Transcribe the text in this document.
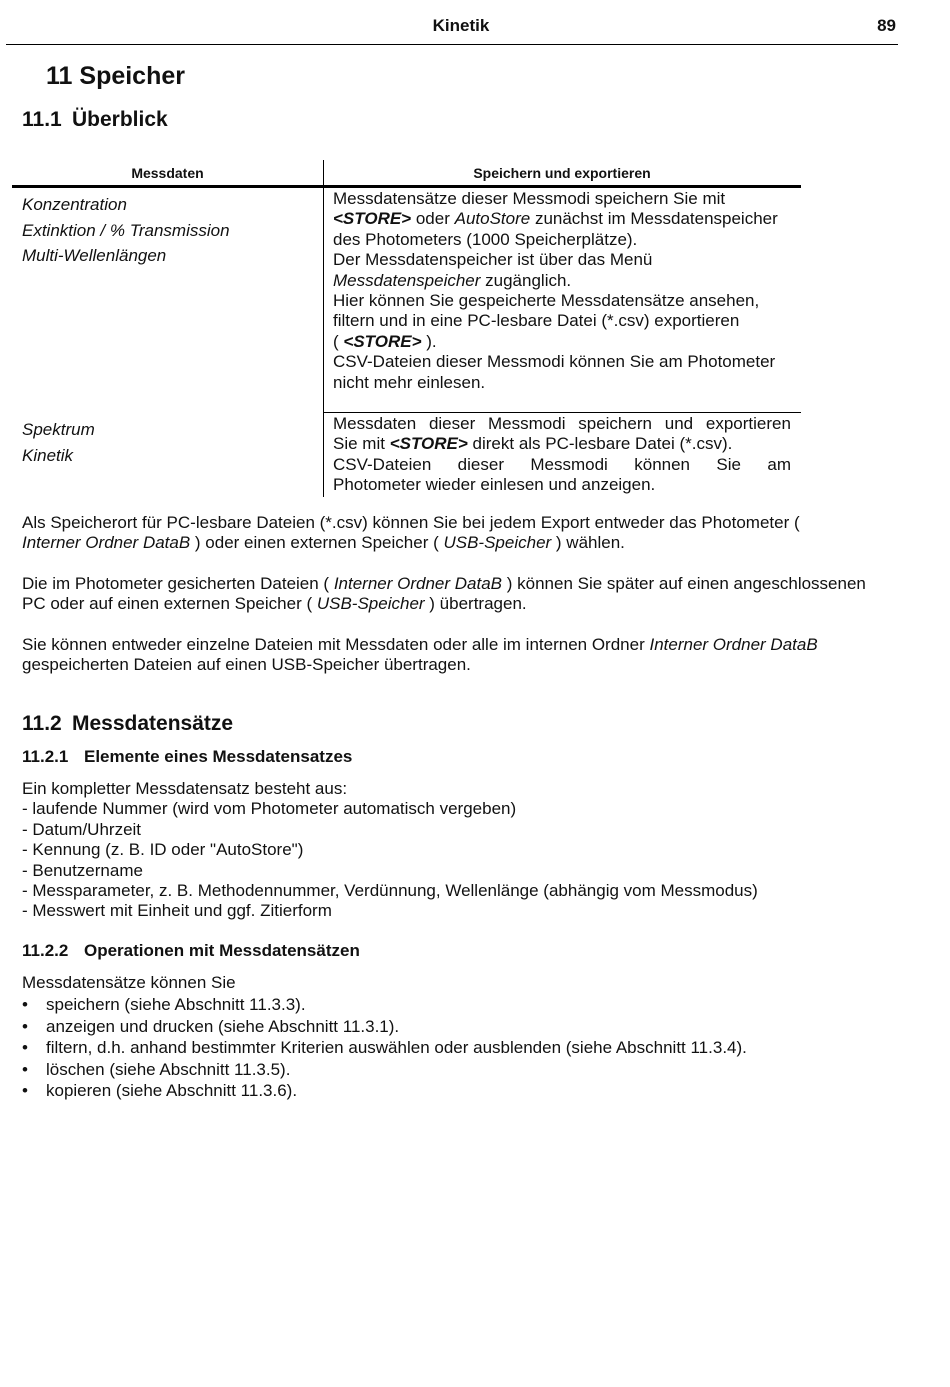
Kinetik	89
11 Speicher
11.1 Überblick
Messdaten	Speichern und exportieren
Konzentration
Extinktion / % Transmission
Multi-Wellenlängen
Messdatensätze dieser Messmodi speichern Sie mit
<STORE> oder AutoStore zunächst im Messdatenspeicher des Photometers (1000 Speicherplätze).
Der Messdatenspeicher ist über das Menü
Messdatenspeicher zugänglich.
Hier können Sie gespeicherte Messdatensätze ansehen, filtern und in eine PC-lesbare Datei (*.csv) exportieren
( <STORE> ).
CSV-Dateien dieser Messmodi können Sie am Photometer nicht mehr einlesen.
Spektrum
Kinetik
Messdaten dieser Messmodi speichern und exportieren
Sie mit <STORE> direkt als PC-lesbare Datei (*.csv).
CSV-Dateien dieser Messmodi können Sie am
Photometer wieder einlesen und anzeigen.

Als Speicherort für PC-lesbare Dateien (*.csv) können Sie bei jedem Export entweder das Photometer (
Interner Ordner DataB ) oder einen externen Speicher ( USB-Speicher ) wählen.

Die im Photometer gesicherten Dateien ( Interner Ordner DataB ) können Sie später auf einen angeschlossenen PC oder auf einen externen Speicher ( USB-Speicher ) übertragen.

Sie können entweder einzelne Dateien mit Messdaten oder alle im internen Ordner Interner Ordner DataB gespeicherten Dateien auf einen USB-Speicher übertragen.

11.2 Messdatensätze
11.2.1 Elemente eines Messdatensatzes
Ein kompletter Messdatensatz besteht aus:
- laufende Nummer (wird vom Photometer automatisch vergeben)
- Datum/Uhrzeit
- Kennung (z. B. ID oder "AutoStore")
- Benutzername
- Messparameter, z. B. Methodennummer, Verdünnung, Wellenlänge (abhängig vom Messmodus)
- Messwert mit Einheit und ggf. Zitierform
11.2.2 Operationen mit Messdatensätzen

Messdatensätze können Sie

• speichern (siehe Abschnitt 11.3.3).
• anzeigen und drucken (siehe Abschnitt 11.3.1).
• filtern, d.h. anhand bestimmter Kriterien auswählen oder ausblenden (siehe Abschnitt 11.3.4).
• löschen (siehe Abschnitt 11.3.5).
• kopieren (siehe Abschnitt 11.3.6).
